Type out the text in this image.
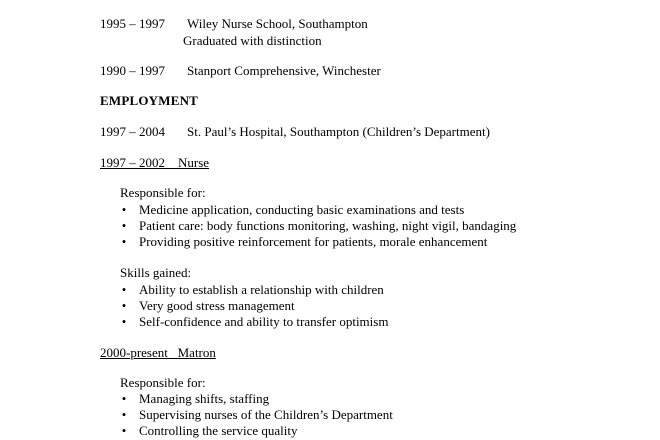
1995 – 1997 Wiley Nurse School, Southampton
Graduated with distinction
1990 – 1997 Stanport Comprehensive, Winchester
EMPLOYMENT
1997 – 2004 St. Paul’s Hospital, Southampton (Children’s Department)
1997 – 2002    Nurse
Responsible for:
• Medicine application, conducting basic examinations and tests
• Patient care: body functions monitoring, washing, night vigil, bandaging
• Providing positive reinforcement for patients, morale enhancement
Skills gained:
• Ability to establish a relationship with children
• Very good stress management
• Self-confidence and ability to transfer optimism
2000-present   Matron
Responsible for:
• Managing shifts, staffing
• Supervising nurses of the Children’s Department
• Controlling the service quality
